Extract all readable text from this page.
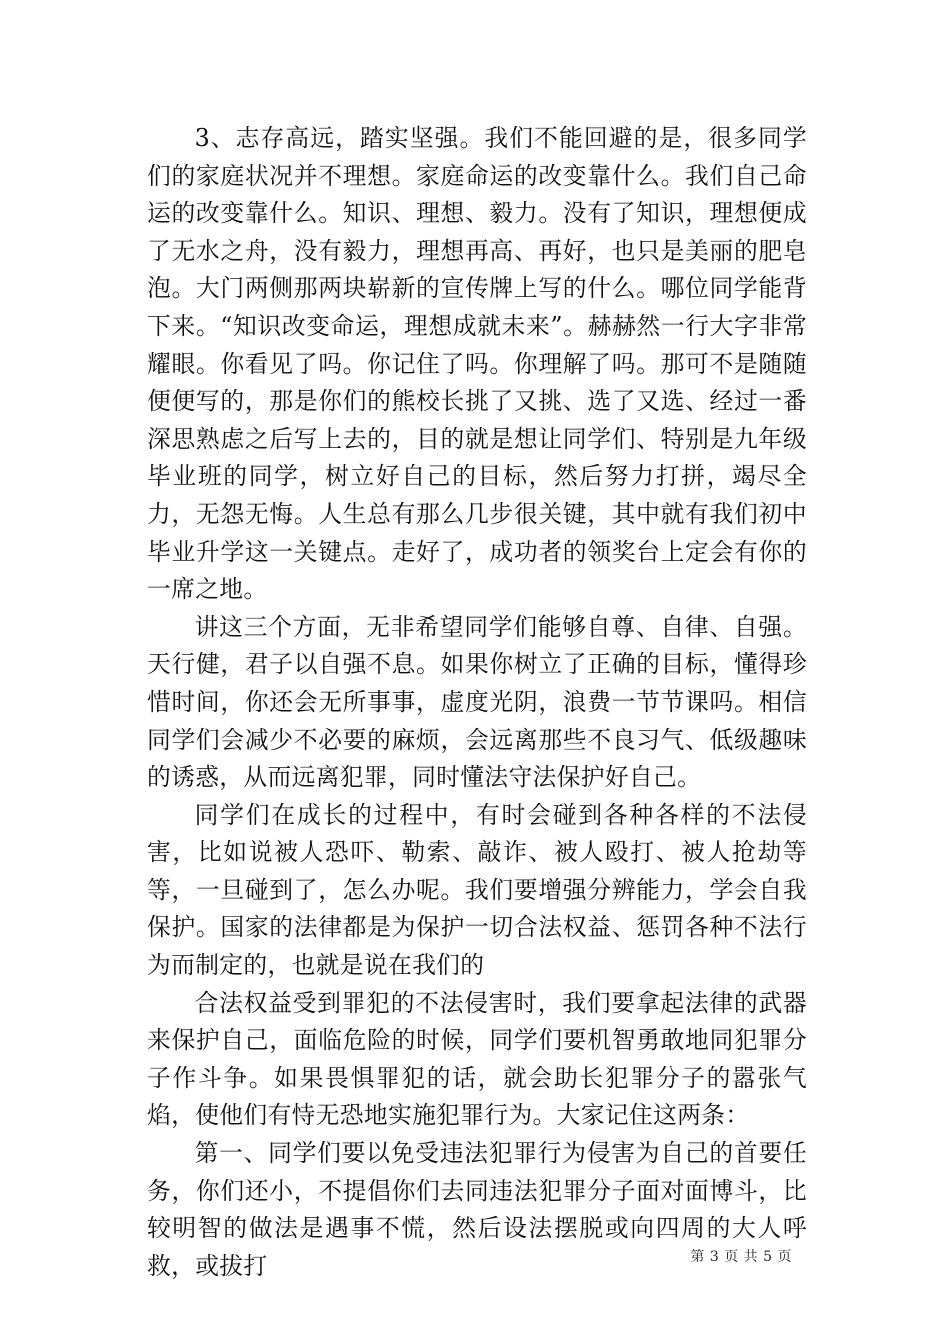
3、志存高远，踏实坚强。我们不能回避的是，很多同学们的家庭状况并不理想。家庭命运的改变靠什么。我们自己命运的改变靠什么。知识、理想、毅力。没有了知识，理想便成了无水之舟，没有毅力，理想再高、再好，也只是美丽的肥皂泡。大门两侧那两块崭新的宣传牌上写的什么。哪位同学能背下来。“知识改变命运，理想成就未来”。赫赫然一行大字非常耀眼。你看见了吗。你记住了吗。你理解了吗。那可不是随随便便写的，那是你们的熊校长挑了又挑、选了又选、经过一番深思熟虑之后写上去的，目的就是想让同学们、特别是九年级毕业班的同学，树立好自己的目标，然后努力打拼，竭尽全力，无怨无悔。人生总有那么几步很关键，其中就有我们初中毕业升学这一关键点。走好了，成功者的领奖台上定会有你的一席之地。

讲这三个方面，无非希望同学们能够自尊、自律、自强。天行健，君子以自强不息。如果你树立了正确的目标，懂得珍惜时间，你还会无所事事，虚度光阴，浪费一节节课吗。相信同学们会减少不必要的麻烦，会远离那些不良习气、低级趣味的诱惑，从而远离犯罪，同时懂法守法保护好自己。

同学们在成长的过程中，有时会碰到各种各样的不法侵害，比如说被人恐吓、勒索、敲诈、被人殴打、被人抢劫等等，一旦碰到了，怎么办呢。我们要增强分辨能力，学会自我保护。国家的法律都是为保护一切合法权益、惩罚各种不法行为而制定的，也就是说在我们的

合法权益受到罪犯的不法侵害时，我们要拿起法律的武器来保护自己，面临危险的时候，同学们要机智勇敢地同犯罪分子作斗争。如果畏惧罪犯的话，就会助长犯罪分子的嚣张气焰，使他们有恃无恐地实施犯罪行为。大家记住这两条：

第一、同学们要以免受违法犯罪行为侵害为自己的首要任务，你们还小，不提倡你们去同违法犯罪分子面对面博斗，比较明智的做法是遇事不慌，然后设法摆脱或向四周的大人呼救，或拔打	第 3 页 共 5 页
